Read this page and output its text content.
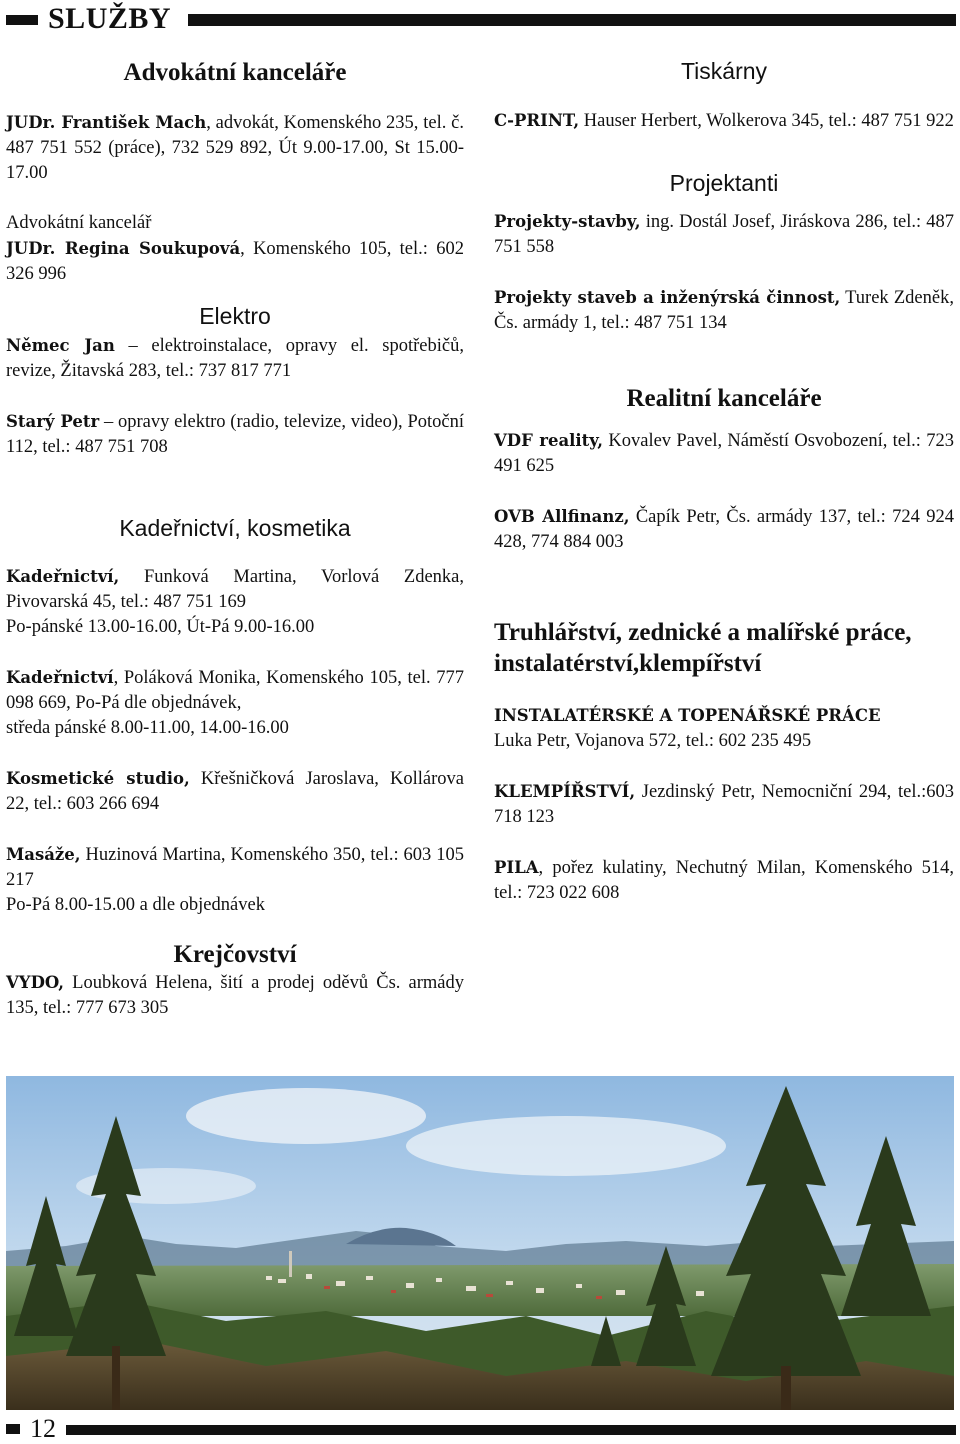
SLUŽBY
Advokátní kanceláře

JUDr. František Mach, advokát, Komenského 235, tel. č. 487 751 552 (práce), 732 529 892, Út 9.00-17.00, St 15.00-17.00

Advokátní kancelář
JUDr. Regina Soukupová, Komenského 105, tel.: 602 326 996

Elektro

Němec Jan – elektroinstalace, opravy el. spotřebičů, revize, Žitavská 283, tel.: 737 817 771

Starý Petr – opravy elektro (radio, televize, video), Potoční 112, tel.: 487 751 708

Kadeřnictví, kosmetika

Kadeřnictví, Funková Martina, Vorlová Zdenka, Pivovarská 45, tel.: 487 751 169
Po-pánské 13.00-16.00, Út-Pá 9.00-16.00

Kadeřnictví, Poláková Monika, Komenského 105, tel. 777 098 669, Po-Pá dle objednávek,
středa pánské 8.00-11.00, 14.00-16.00

Kosmetické studio, Křešničková Jaroslava, Kollárova 22, tel.: 603 266 694

Masáže, Huzinová Martina, Komenského 350, tel.: 603 105 217
Po-Pá 8.00-15.00 a dle objednávek

Krejčovství

VYDO, Loubková Helena, šití a prodej oděvů Čs. armády 135, tel.: 777 673 305

Tiskárny

C-PRINT, Hauser Herbert, Wolkerova 345, tel.: 487 751 922

Projektanti

Projekty-stavby, ing. Dostál Josef, Jiráskova 286, tel.: 487 751 558

Projekty staveb a inženýrská činnost, Turek Zdeněk, Čs. armády 1, tel.: 487 751 134

Realitní kanceláře

VDF reality, Kovalev Pavel, Náměstí Osvobození, tel.: 723 491 625

OVB Allfinanz, Čapík Petr, Čs. armády 137, tel.: 724 924 428, 774 884 003

Truhlářství, zednické a malířské práce, instalatérství,klempířství

INSTALATÉRSKÉ A TOPENÁŘSKÉ PRÁCE
Luka Petr, Vojanova 572, tel.: 602 235 495

KLEMPÍŘSTVÍ, Jezdinský Petr, Nemocniční 294, tel.:603 718 123

PILA, pořez kulatiny, Nechutný Milan, Komenského 514, tel.: 723 022 608

12
